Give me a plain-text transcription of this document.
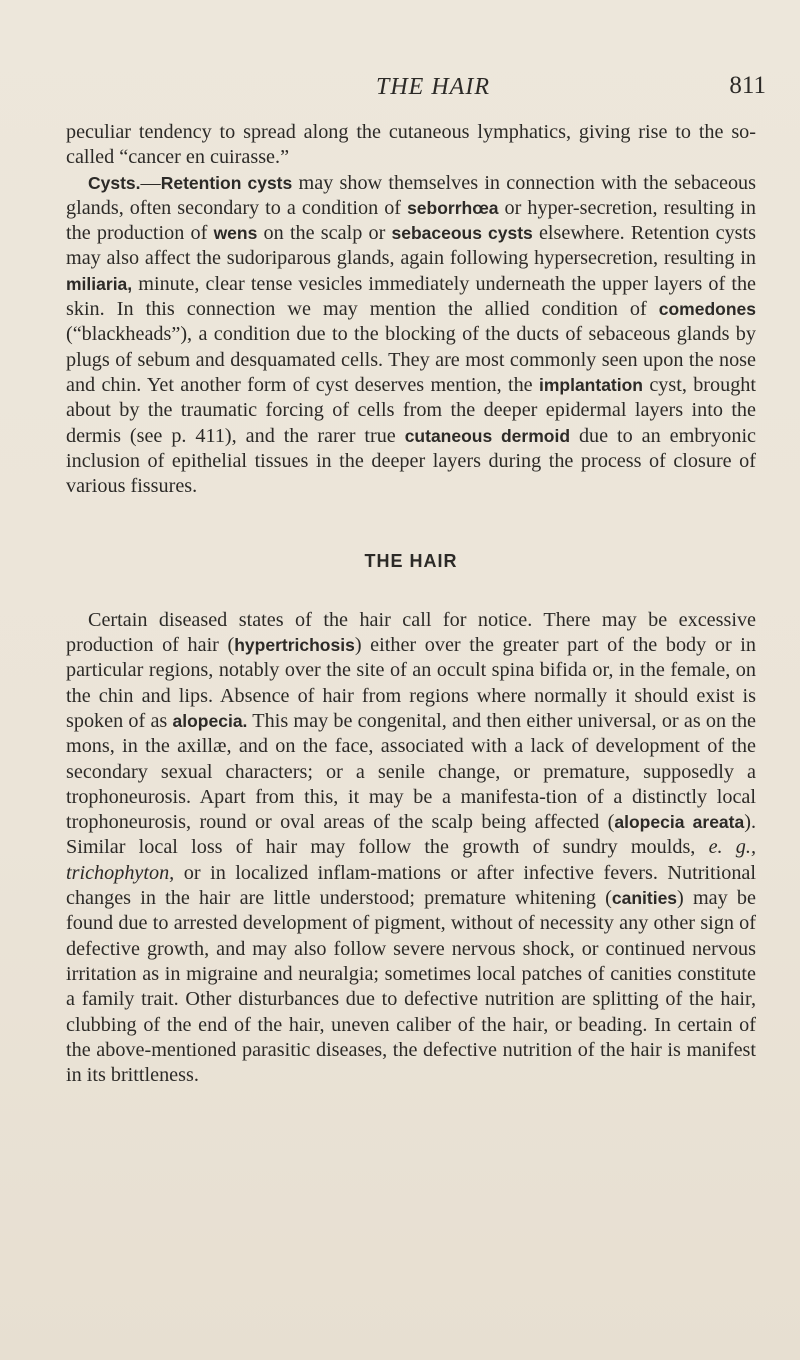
THE HAIR	811

peculiar tendency to spread along the cutaneous lymphatics, giving rise to the so-called “cancer en cuirasse.”

Cysts.—Retention cysts may show themselves in connection with the sebaceous glands, often secondary to a condition of seborrhœa or hyper-secretion, resulting in the production of wens on the scalp or sebaceous cysts elsewhere. Retention cysts may also affect the sudoriparous glands, again following hypersecretion, resulting in miliaria, minute, clear tense vesicles immediately underneath the upper layers of the skin. In this connection we may mention the allied condition of comedones (“blackheads”), a condition due to the blocking of the ducts of sebaceous glands by plugs of sebum and desquamated cells. They are most commonly seen upon the nose and chin. Yet another form of cyst deserves mention, the implantation cyst, brought about by the traumatic forcing of cells from the deeper epidermal layers into the dermis (see p. 411), and the rarer true cutaneous dermoid due to an embryonic inclusion of epithelial tissues in the deeper layers during the process of closure of various fissures.

THE HAIR

Certain diseased states of the hair call for notice. There may be excessive production of hair (hypertrichosis) either over the greater part of the body or in particular regions, notably over the site of an occult spina bifida or, in the female, on the chin and lips. Absence of hair from regions where normally it should exist is spoken of as alopecia. This may be congenital, and then either universal, or as on the mons, in the axillæ, and on the face, associated with a lack of development of the secondary sexual characters; or a senile change, or premature, supposedly a trophoneurosis. Apart from this, it may be a manifesta-tion of a distinctly local trophoneurosis, round or oval areas of the scalp being affected (alopecia areata). Similar local loss of hair may follow the growth of sundry moulds, e. g., trichophyton, or in localized inflam-mations or after infective fevers. Nutritional changes in the hair are little understood; premature whitening (canities) may be found due to arrested development of pigment, without of necessity any other sign of defective growth, and may also follow severe nervous shock, or continued nervous irritation as in migraine and neuralgia; sometimes local patches of canities constitute a family trait. Other disturbances due to defective nutrition are splitting of the hair, clubbing of the end of the hair, uneven caliber of the hair, or beading. In certain of the above-mentioned parasitic diseases, the defective nutrition of the hair is manifest in its brittleness.
